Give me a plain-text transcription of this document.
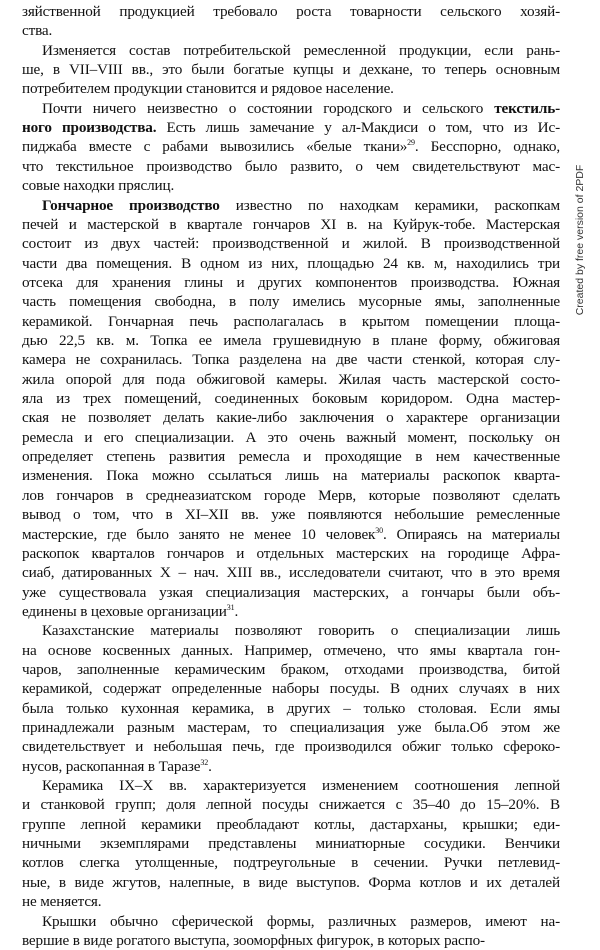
зяйственной продукцией требовало роста товарности сельского хозяй-
ства.
Изменяется состав потребительской ремесленной продукции, если рань-
ше, в VII–VIII вв., это были богатые купцы и дехкане, то теперь основным
потребителем продукции становится и рядовое население.
Почти ничего неизвестно о состоянии городского и сельского текстиль-
ного производства. Есть лишь замечание у ал-Макдиси о том, что из Ис-
пиджаба вместе с рабами вывозились «белые ткани»$^{29}$. Бесспорно, однако,
что текстильное производство было развито, о чем свидетельствуют мас-
совые находки пряслиц.
Гончарное производство известно по находкам керамики, раскопкам
печей и мастерской в квартале гончаров XI в. на Куйрук-тобе. Мастерская
состоит из двух частей: производственной и жилой. В производственной
части два помещения. В одном из них, площадью 24 кв. м, находились три
отсека для хранения глины и других компонентов производства. Южная
часть помещения свободна, в полу имелись мусорные ямы, заполненные
керамикой. Гончарная печь располагалась в крытом помещении площа-
дью 22,5 кв. м. Топка ее имела грушевидную в плане форму, обжиговая
камера не сохранилась. Топка разделена на две части стенкой, которая слу-
жила опорой для пода обжиговой камеры. Жилая часть мастерской состо-
яла из трех помещений, соединенных боковым коридором. Одна мастер-
ская не позволяет делать какие-либо заключения о характере организации
ремесла и его специализации. А это очень важный момент, поскольку он
определяет степень развития ремесла и проходящие в нем качественные
изменения. Пока можно ссылаться лишь на материалы раскопок кварта-
лов гончаров в среднеазиатском городе Мерв, которые позволяют сделать
вывод о том, что в XI–XII вв. уже появляются небольшие ремесленные
мастерские, где было занято не менее 10 человек$^{30}$. Опираясь на материалы
раскопок кварталов гончаров и отдельных мастерских на городище Афра-
сиаб, датированных X – нач. XIII вв., исследователи считают, что в это время
уже существовала узкая специализация мастерских, а гончары были объ-
единены в цеховые организации$^{31}$.
Казахстанские материалы позволяют говорить о специализации лишь
на основе косвенных данных. Например, отмечено, что ямы квартала гон-
чаров, заполненные керамическим браком, отходами производства, битой
керамикой, содержат определенные наборы посуды. В одних случаях в них
была только кухонная керамика, в других – только столовая. Если ямы
принадлежали разным мастерам, то специализация уже была.Об этом же
свидетельствует и небольшая печь, где производился обжиг только сфероко-
нусов, раскопанная в Таразе$^{32}$.
Керамика IX–X вв. характеризуется изменением соотношения лепной
и станковой групп; доля лепной посуды снижается с 35–40 до 15–20%. В
группе лепной керамики преобладают котлы, дастарханы, крышки; еди-
ничными экземплярами представлены миниатюрные сосудики. Венчики
котлов слегка утолщенные, подтреугольные в сечении. Ручки петлевид-
ные, в виде жгутов, налепные, в виде выступов. Форма котлов и их деталей
не меняется.
Крышки обычно сферической формы, различных размеров, имеют на-
вершие в виде рогатого выступа, зооморфных фигурок, в которых распо-
Created by free version of 2PDF
